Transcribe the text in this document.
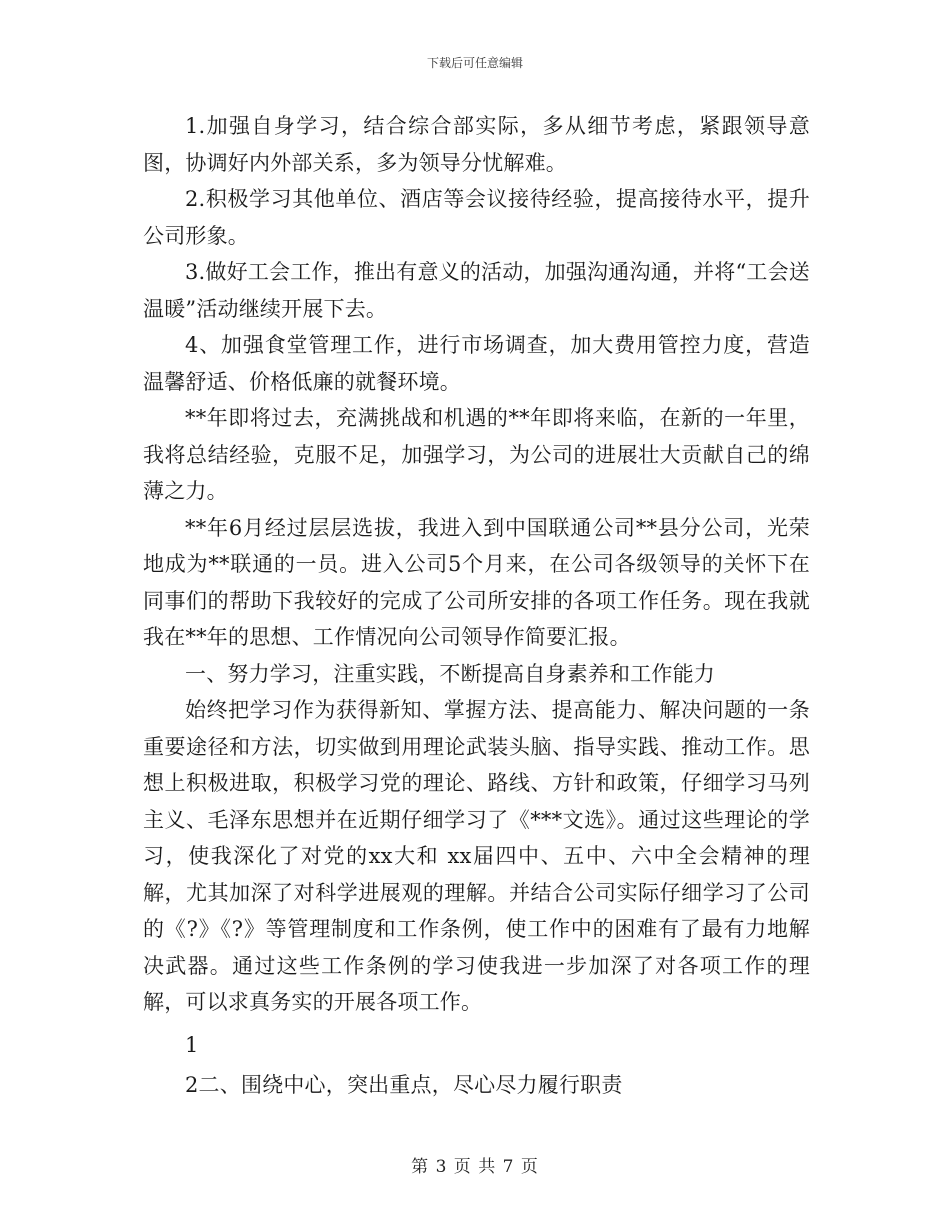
下载后可任意编辑

1.加强自身学习，结合综合部实际，多从细节考虑，紧跟领导意图，协调好内外部关系，多为领导分忧解难。

2.积极学习其他单位、酒店等会议接待经验，提高接待水平，提升公司形象。

3.做好工会工作，推出有意义的活动，加强沟通沟通，并将“工会送温暖”活动继续开展下去。

4、加强食堂管理工作，进行市场调查，加大费用管控力度，营造温馨舒适、价格低廉的就餐环境。

**年即将过去，充满挑战和机遇的**年即将来临，在新的一年里，我将总结经验，克服不足，加强学习，为公司的进展壮大贡献自己的绵薄之力。

**年6月经过层层选拔，我进入到中国联通公司**县分公司，光荣地成为**联通的一员。进入公司5个月来，在公司各级领导的关怀下在同事们的帮助下我较好的完成了公司所安排的各项工作任务。现在我就我在**年的思想、工作情况向公司领导作简要汇报。

一、努力学习，注重实践，不断提高自身素养和工作能力

始终把学习作为获得新知、掌握方法、提高能力、解决问题的一条重要途径和方法，切实做到用理论武装头脑、指导实践、推动工作。思想上积极进取，积极学习党的理论、路线、方针和政策，仔细学习马列主义、毛泽东思想并在近期仔细学习了《***文选》。通过这些理论的学习，使我深化了对党的xx大和 xx届四中、五中、六中全会精神的理解，尤其加深了对科学进展观的理解。并结合公司实际仔细学习了公司的《?》《?》等管理制度和工作条例，使工作中的困难有了最有力地解决武器。通过这些工作条例的学习使我进一步加深了对各项工作的理解，可以求真务实的开展各项工作。

1

2二、围绕中心，突出重点，尽心尽力履行职责

第 3 页 共 7 页
